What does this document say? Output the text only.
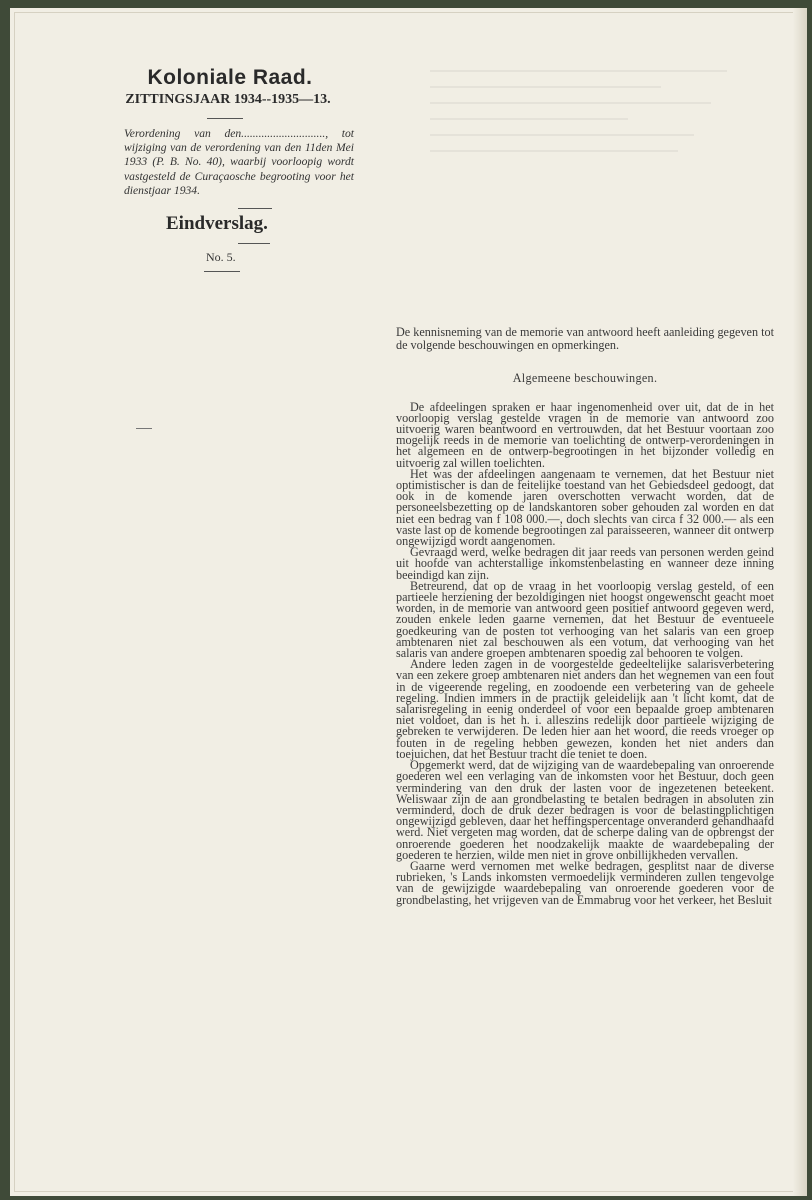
Koloniale Raad.
ZITTINGSJAAR 1934--1935—13.
Verordening van den............................., tot wijziging van de verordening van den 11den Mei 1933 (P. B. No. 40), waarbij voorloopig wordt vastgesteld de Curaçaosche begrooting voor het dienstjaar 1934.
Eindverslag.
No. 5.
De kennisneming van de memorie van antwoord heeft aanleiding gegeven tot de volgende beschouwingen en opmerkingen.
Algemeene beschouwingen.

De afdeelingen spraken er haar ingenomenheid over uit, dat de in het voorloopig verslag gestelde vragen in de memorie van antwoord zoo uitvoerig waren beantwoord en vertrouwden, dat het Bestuur voortaan zoo mogelijk reeds in de memorie van toelichting de ontwerp-verordeningen in het algemeen en de ontwerp-begrootingen in het bijzonder volledig en uitvoerig zal willen toelichten.

Het was der afdeelingen aangenaam te vernemen, dat het Bestuur niet optimistischer is dan de feitelijke toestand van het Gebiedsdeel gedoogt, dat ook in de komende jaren overschotten verwacht worden, dat de personeelsbezetting op de landskantoren sober gehouden zal worden en dat niet een bedrag van f 108 000.—, doch slechts van circa f 32 000.— als een vaste last op de komende begrootingen zal paraisseeren, wanneer dit ontwerp ongewijzigd wordt aangenomen.

Gevraagd werd, welke bedragen dit jaar reeds van personen werden geind uit hoofde van achterstallige inkomstenbelasting en wanneer deze inning beeindigd kan zijn.

Betreurend, dat op de vraag in het voorloopig verslag gesteld, of een partieele herziening der bezoldigingen niet hoogst ongewenscht geacht moet worden, in de memorie van antwoord geen positief antwoord gegeven werd, zouden enkele leden gaarne vernemen, dat het Bestuur de eventueele goedkeuring van de posten tot verhooging van het salaris van een groep ambtenaren niet zal beschouwen als een votum, dat verhooging van het salaris van andere groepen ambtenaren spoedig zal behooren te volgen.

Andere leden zagen in de voorgestelde gedeeltelijke salarisverbetering van een zekere groep ambtenaren niet anders dan het wegnemen van een fout in de vigeerende regeling, en zoodoende een verbetering van de geheele regeling. Indien immers in de practijk geleidelijk aan 't licht komt, dat de salarisregeling in eenig onderdeel of voor een bepaalde groep ambtenaren niet voldoet, dan is het h. i. alleszins redelijk door partieele wijziging de gebreken te verwijderen. De leden hier aan het woord, die reeds vroeger op fouten in de regeling hebben gewezen, konden het niet anders dan toejuichen, dat het Bestuur tracht die teniet te doen.

Opgemerkt werd, dat de wijziging van de waardebepaling van onroerende goederen wel een verlaging van de inkomsten voor het Bestuur, doch geen vermindering van den druk der lasten voor de ingezetenen beteekent. Weliswaar zijn de aan grondbelasting te betalen bedragen in absoluten zin verminderd, doch de druk dezer bedragen is voor de belastingplichtigen ongewijzigd gebleven, daar het heffingspercentage onveranderd gehandhaafd werd. Niet vergeten mag worden, dat de scherpe daling van de opbrengst der onroerende goederen het noodzakelijk maakte de waardebepaling der goederen te herzien, wilde men niet in grove onbillijkheden vervallen.

Gaarne werd vernomen met welke bedragen, gesplitst naar de diverse rubrieken, 's Lands inkomsten vermoedelijk verminderen zullen tengevolge van de gewijzigde waardebepaling van onroerende goederen voor de grondbelasting, het vrijgeven van de Emmabrug voor het verkeer, het Besluit
